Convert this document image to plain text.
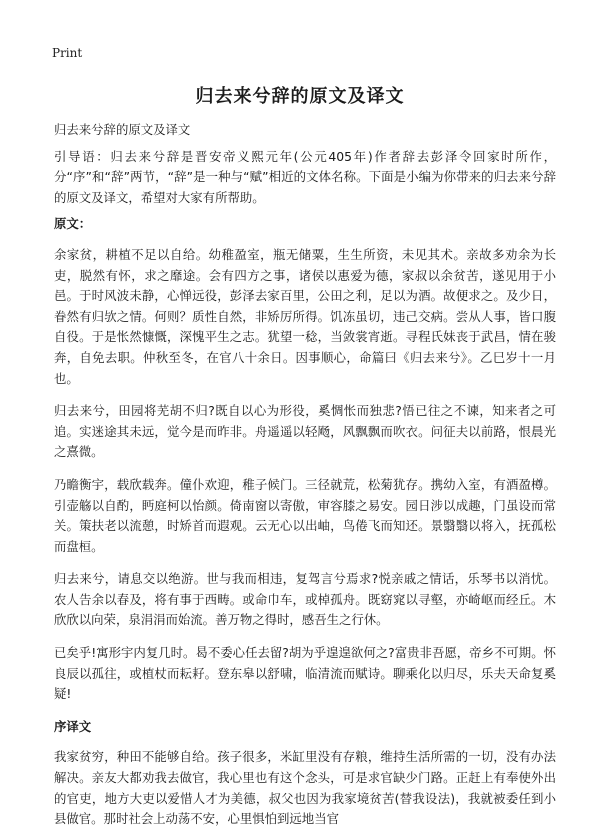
Print
归去来兮辞的原文及译文

归去来兮辞的原文及译文

引导语：归去来兮辞是晋安帝义熙元年(公元405年)作者辞去彭泽令回家时所作，分“序”和“辞”两节，“辞”是一种与“赋”相近的文体名称。下面是小编为你带来的归去来兮辞的原文及译文，希望对大家有所帮助。

原文：

余家贫，耕植不足以自给。幼稚盈室，瓶无储粟，生生所资，未见其术。亲故多劝余为长吏，脱然有怀，求之靡途。会有四方之事，诸侯以惠爱为德，家叔以余贫苦，遂见用于小邑。于时风波未静，心惮远役，彭泽去家百里，公田之利，足以为酒。故便求之。及少日，眷然有归欤之情。何则？质性自然，非矫厉所得。饥冻虽切，违己交病。尝从人事，皆口腹自役。于是怅然慷慨，深愧平生之志。犹望一稔，当敛裳宵逝。寻程氏妹丧于武昌，情在骏奔，自免去职。仲秋至冬，在官八十余日。因事顺心，命篇曰《归去来兮》。乙巳岁十一月也。

归去来兮，田园将芜胡不归?既自以心为形役，奚惆怅而独悲?悟已往之不谏，知来者之可追。实迷途其未远，觉今是而昨非。舟遥遥以轻飏，风飘飘而吹衣。问征夫以前路，恨晨光之熹微。

乃瞻衡宇，载欣载奔。僮仆欢迎，稚子候门。三径就荒，松菊犹存。携幼入室，有酒盈樽。引壶觞以自酌，眄庭柯以怡颜。倚南窗以寄傲，审容膝之易安。园日涉以成趣，门虽设而常关。策扶老以流憩，时矫首而遐观。云无心以出岫，鸟倦飞而知还。景翳翳以将入，抚孤松而盘桓。

归去来兮，请息交以绝游。世与我而相违，复驾言兮焉求?悦亲戚之情话，乐琴书以消忧。农人告余以春及，将有事于西畴。或命巾车，或棹孤舟。既窈窕以寻壑，亦崎岖而经丘。木欣欣以向荣，泉涓涓而始流。善万物之得时，感吾生之行休。

已矣乎!寓形宇内复几时。曷不委心任去留?胡为乎遑遑欲何之?富贵非吾愿，帝乡不可期。怀良辰以孤往，或植杖而耘耔。登东皋以舒啸，临清流而赋诗。聊乘化以归尽，乐夫天命复奚疑!

序译文

我家贫穷，种田不能够自给。孩子很多，米缸里没有存粮，维持生活所需的一切，没有办法解决。亲友大都劝我去做官，我心里也有这个念头，可是求官缺少门路。正赶上有奉使外出的官吏，地方大吏以爱惜人才为美德，叔父也因为我家境贫苦(替我设法)，我就被委任到小县做官。那时社会上动荡不安，心里惧怕到远地当官
